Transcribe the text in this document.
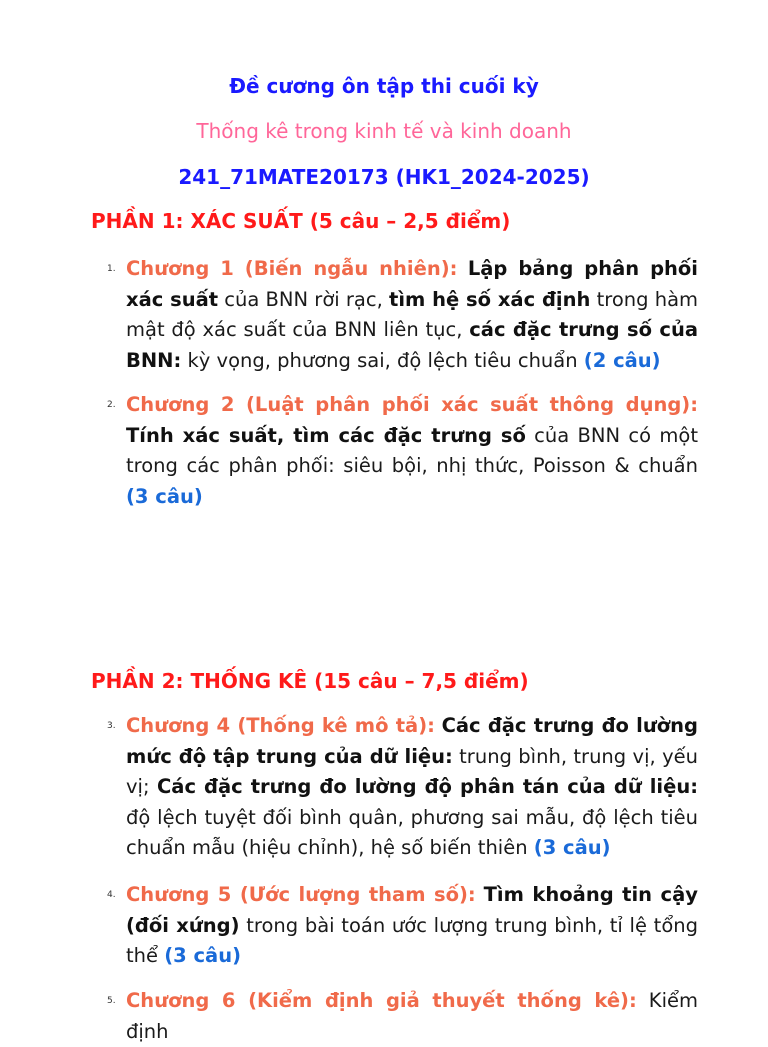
Đề cương ôn tập thi cuối kỳ
Thống kê trong kinh tế và kinh doanh
241_71MATE20173 (HK1_2024-2025)
PHẦN 1: XÁC SUẤT (5 câu – 2,5 điểm)
1. Chương 1 (Biến ngẫu nhiên): Lập bảng phân phối xác suất của BNN rời rạc, tìm hệ số xác định trong hàm mật độ xác suất của BNN liên tục, các đặc trưng số của BNN: kỳ vọng, phương sai, độ lệch tiêu chuẩn (2 câu)
2. Chương 2 (Luật phân phối xác suất thông dụng): Tính xác suất, tìm các đặc trưng số của BNN có một trong các phân phối: siêu bội, nhị thức, Poisson & chuẩn (3 câu)
PHẦN 2: THỐNG KÊ (15 câu – 7,5 điểm)
3. Chương 4 (Thống kê mô tả): Các đặc trưng đo lường mức độ tập trung của dữ liệu: trung bình, trung vị, yếu vị; Các đặc trưng đo lường độ phân tán của dữ liệu: độ lệch tuyệt đối bình quân, phương sai mẫu, độ lệch tiêu chuẩn mẫu (hiệu chỉnh), hệ số biến thiên (3 câu)
4. Chương 5 (Ước lượng tham số): Tìm khoảng tin cậy (đối xứng) trong bài toán ước lượng trung bình, tỉ lệ tổng thể (3 câu)
5. Chương 6 (Kiểm định giả thuyết thống kê): Kiểm định
